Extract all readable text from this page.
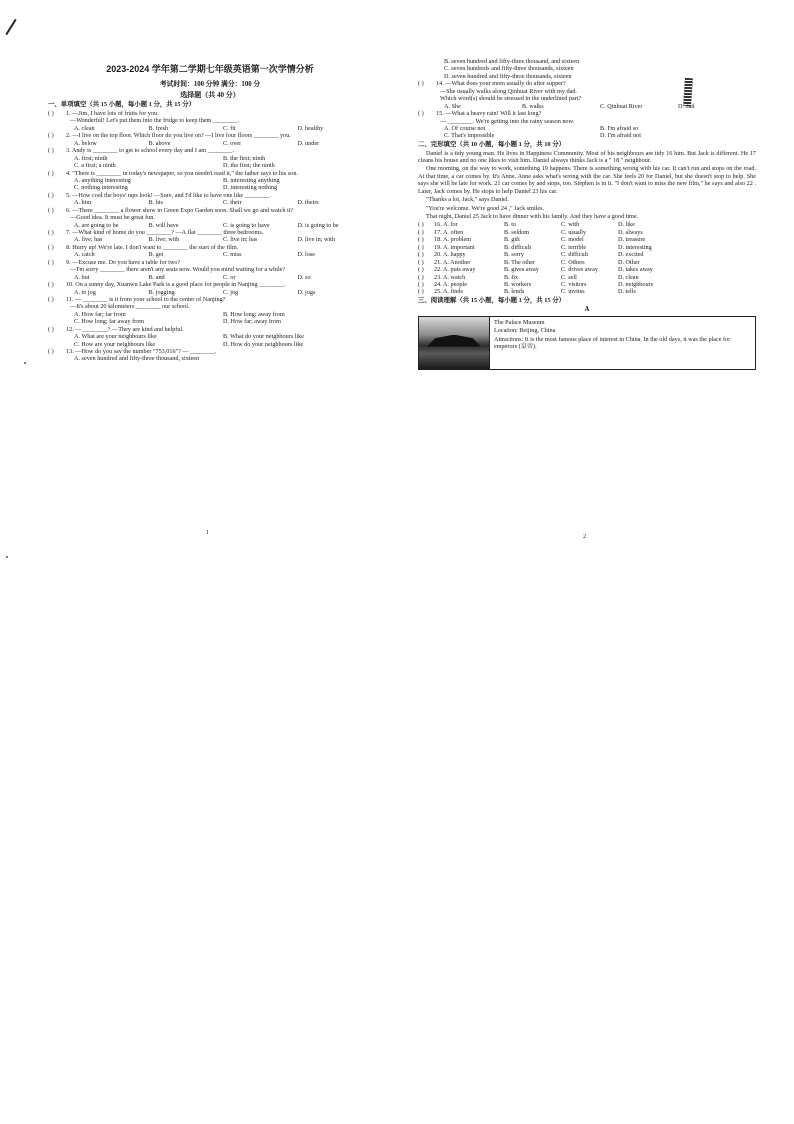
2023-2024 学年第二学期七年级英语第一次学情分析
考试时间：100 分钟 满分：100 分
选择题（共 40 分）
一、单项填空（共 15 小题，每小题 1 分，共 15 分）
( ) 1. —Jim, I have lots of fruits for you.
—Wonderful! Let's put them into the fridge to keep them ________.
A. clean	B. fresh	C. fit	D. healthy
( ) 2. —I live on the top floor. Which floor do you live on? —I live four floors ________ you.
A. below	B. above	C. over	D. under
( ) 3. Andy is ________ to get to school every day and I am ________.
A. first; ninth	B. the first; ninth
C. a first; a ninth	D. the first; the ninth
( ) 4. "There is ________ in today's newspaper, so you needn't read it," the father says to his son.
A. anything interesting	B. interesting anything
C. nothing interesting	D. interesting nothing
( ) 5. —How cool the boys' raps look! —Sure, and I'd like to have one like ________.
A. him	B. his	C. their	D. theirs
( ) 6. —There ________ a flower show in Green Expo Garden soon. Shall we go and watch it?
—Good idea. It must be great fun.
A. are going to be	B. will have	C. is going to have	D. is going to be
( ) 7. —What kind of home do you ________? —A flat ________ three bedrooms.
A. live; has	B. live; with	C. live in; has	D. live in; with
( ) 8. Hurry up! We're late. I don't want to ________ the start of the film.
A. catch	B. get	C. miss	D. lose
( ) 9. —Excuse me. Do you have a table for two?
—I'm sorry ________ there aren't any seats now. Would you mind waiting for a while?
A. but	B. and	C. or	D. so
( ) 10. On a sunny day, Xuanwu Lake Park is a good place for people in Nanjing ________.
A. to jog	B. jogging	C. jog	D. jogs
( ) 11. — ________ is it from your school to the center of Nanjing?
—It's about 20 kilometers ________ our school.
A. How far; far from	B. How long; away from
C. How long; far away from	D. How far; away from
( ) 12. — ________? —They are kind and helpful.
A. What are your neighbours like	B. What do your neighbours like
C. How are your neighbours like	D. How do your neighbours like
( ) 13. —How do you say the number "753,016"? — ________.
A. seven hundred and fifty-three thousand, sixteen
B. seven hundred and fifty-three thousand, and sixteen
C. seven hundreds and fifty-three thousands, sixteen
D. seven hundred and fifty-three thousands, sixteen
( ) 14. —What does your mom usually do after supper?
—She usually walks along Qinhuai River with my dad.
Which word(s) should be stressed in the underlined part?
A. She	B. walks	C. Qinhuai River	D. dad
( ) 15. —What a heavy rain! Will it last long?
— ________. We're getting into the rainy season now.
A. Of course not	B. I'm afraid so
C. That's impossible	D. I'm afraid not
二、完形填空（共 10 小题，每小题 1 分，共 10 分）

Daniel is a tidy young man. He lives in Happiness Community. Most of his neighbours are tidy 16 him. But Jack is different. He 17 cleans his house and no one likes to visit him. Daniel always thinks Jack is a " 18 " neighbour.

One morning, on the way to work, something 19 happens. There is something wrong with his car. It can't run and stops on the road. At that time, a car comes by. It's Anne. Anne asks what's wrong with the car. She feels 20 for Daniel, but she doesn't stop to help. She says she will be late for work. 21 car comes by and stops, too. Stephen is in it. "I don't want to miss the new film," he says and also 22 . Later, Jack comes by. He stops to help Daniel 23 his car.

"Thanks a lot, Jack," says Daniel.

"You're welcome. We're good 24 ," Jack smiles.

That night, Daniel 25 Jack to have dinner with his family. And they have a good time.

( )	16. A. for	B. to	C. with	D. like
( )	17. A. often	B. seldom	C. usually	D. always
( )	18. A. problem	B. gift	C. model	D. treasure
( )	19. A. important	B. difficult	C. terrible	D. interesting
( )	20. A. happy	B. sorry	C. difficult	D. excited
( )	21. A. Another	B. The other	C. Others	D. Other
( )	22. A. puts away	B. gives away	C. drives away	D. takes away
( )	23. A. watch	B. fix	C. sell	D. clean
( )	24. A. people	B. workers	C. visitors	D. neighbours
( )	25. A. finds	B. lends	C. invites	D. tells
三、阅读理解（共 15 小题，每小题 1 分，共 15 分）
A
The Palace Museum
Location: Beijing, China
Attractions: It is the most famous place of interest in China. In the old days, it was the place for emperors (皇帝).
1
2
